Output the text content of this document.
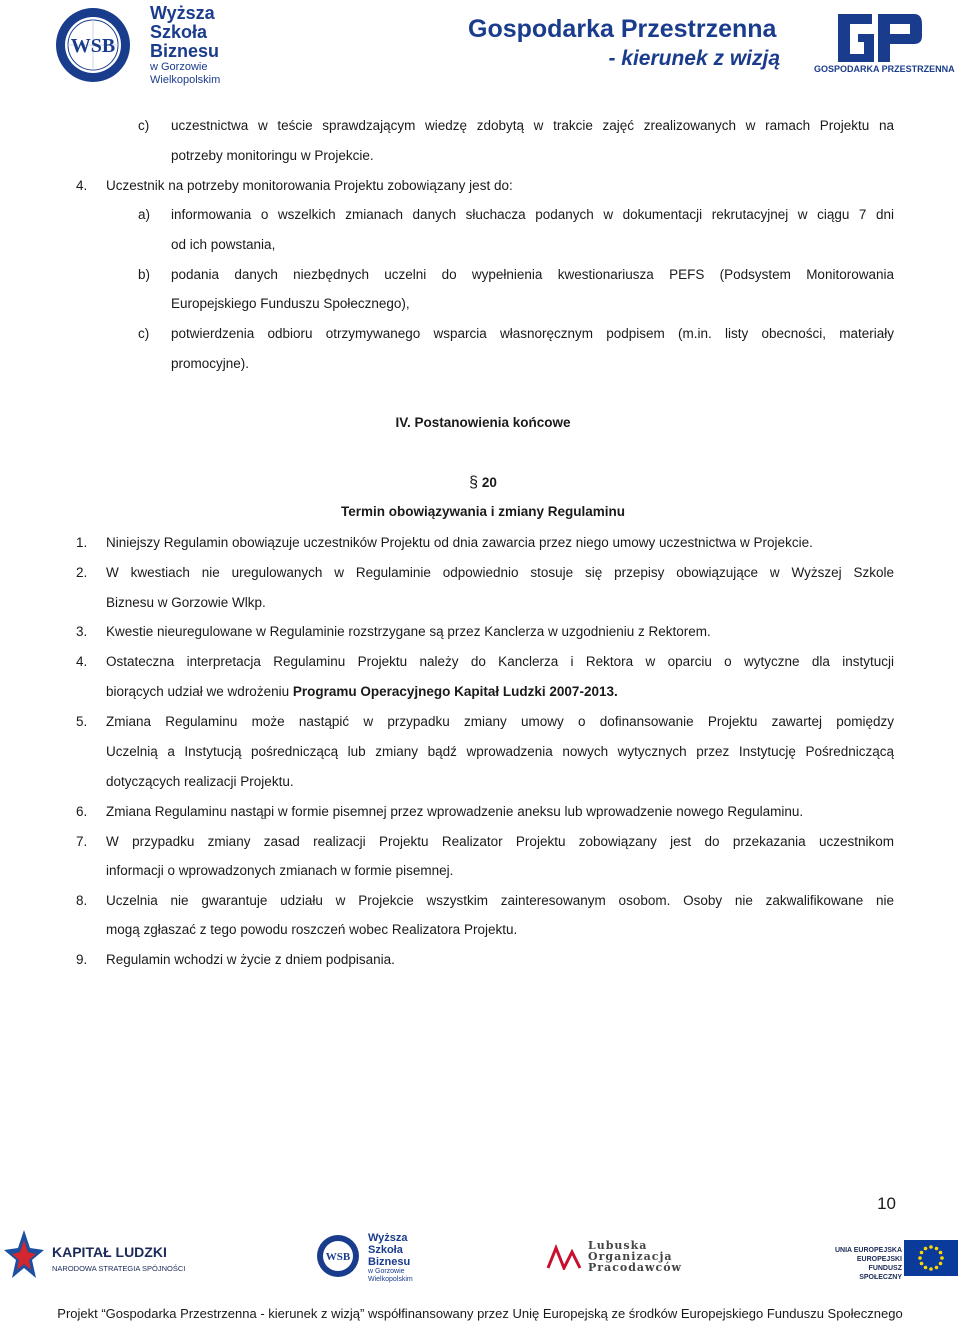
WSB
Wyższa
Szkoła
Biznesu
w Gorzowie
Wielkopolskim
Gospodarka Przestrzenna
- kierunek z wizją	GOSPODARKA PRZESTRZENNA
c) uczestnictwa w teście sprawdzającym wiedzę zdobytą w trakcie zajęć zrealizowanych w ramach Projektu na
potrzeby monitoringu w Projekcie.
4. Uczestnik na potrzeby monitorowania Projektu zobowiązany jest do:
a) informowania o wszelkich zmianach danych słuchacza podanych w dokumentacji rekrutacyjnej w ciągu 7 dni
od ich powstania,
b) podania danych niezbędnych uczelni do wypełnienia kwestionariusza PEFS (Podsystem Monitorowania
Europejskiego Funduszu Społecznego),
c) potwierdzenia odbioru otrzymywanego wsparcia własnoręcznym podpisem (m.in. listy obecności, materiały
promocyjne).
IV. Postanowienia końcowe
§ 20
Termin obowiązywania i zmiany Regulaminu
1. Niniejszy Regulamin obowiązuje uczestników Projektu od dnia zawarcia przez niego umowy uczestnictwa w Projekcie.
2. W kwestiach nie uregulowanych w Regulaminie odpowiednio stosuje się przepisy obowiązujące w Wyższej Szkole
Biznesu w Gorzowie Wlkp.
3. Kwestie nieuregulowane w Regulaminie rozstrzygane są przez Kanclerza w uzgodnieniu z Rektorem.
4. Ostateczna interpretacja Regulaminu Projektu należy do Kanclerza i Rektora w oparciu o wytyczne dla instytucji
biorących udział we wdrożeniu Programu Operacyjnego Kapitał Ludzki 2007-2013.
5. Zmiana Regulaminu może nastąpić w przypadku zmiany umowy o dofinansowanie Projektu zawartej pomiędzy
Uczelnią a Instytucją pośredniczącą lub zmiany bądź wprowadzenia nowych wytycznych przez Instytucję Pośredniczącą
dotyczących realizacji Projektu.
6. Zmiana Regulaminu nastąpi w formie pisemnej przez wprowadzenie aneksu lub wprowadzenie nowego Regulaminu.
7. W przypadku zmiany zasad realizacji Projektu Realizator Projektu zobowiązany jest do przekazania uczestnikom
informacji o wprowadzonych zmianach w formie pisemnej.
8. Uczelnia nie gwarantuje udziału w Projekcie wszystkim zainteresowanym osobom. Osoby nie zakwalifikowane nie
mogą zgłaszać z tego powodu roszczeń wobec Realizatora Projektu.
9. Regulamin wchodzi w życie z dniem podpisania.
10
KAPITAŁ LUDZKI
NARODOWA STRATEGIA SPÓJNOŚCI
WSB
Wyższa
Szkoła
Biznesu
w Gorzowie
Wielkopolskim
Lubuska
Organizacja
Pracodawców
UNIA EUROPEJSKA
EUROPEJSKI
FUNDUSZ SPOŁECZNY
Projekt “Gospodarka Przestrzenna - kierunek z wizją” współfinansowany przez Unię Europejską ze środków Europejskiego Funduszu Społecznego
